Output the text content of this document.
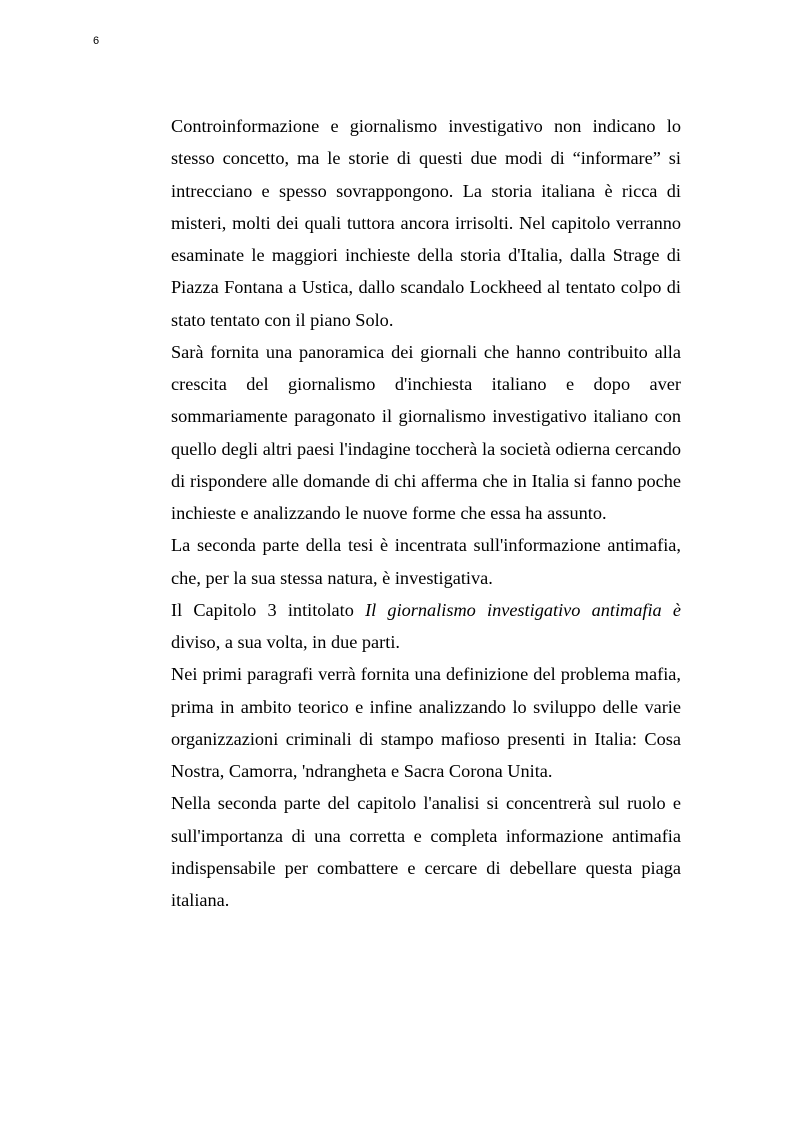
6

Controinformazione e giornalismo investigativo non indicano lo stesso concetto, ma le storie di questi due modi di “informare” si intrecciano e spesso sovrappongono. La storia italiana è ricca di misteri, molti dei quali tuttora ancora irrisolti. Nel capitolo verranno esaminate le maggiori inchieste della storia d'Italia, dalla Strage di Piazza Fontana a Ustica, dallo scandalo Lockheed al tentato colpo di stato tentato con il piano Solo.

Sarà fornita una panoramica dei giornali che hanno contribuito alla crescita del giornalismo d'inchiesta italiano e dopo aver sommariamente paragonato il giornalismo investigativo italiano con quello degli altri paesi l'indagine toccherà la società odierna cercando di rispondere alle domande di chi afferma che in Italia si fanno poche inchieste e analizzando le nuove forme che essa ha assunto.

La seconda parte della tesi è incentrata sull'informazione antimafia, che, per la sua stessa natura, è investigativa.

Il Capitolo 3 intitolato Il giornalismo investigativo antimafia è diviso, a sua volta, in due parti.

Nei primi paragrafi verrà fornita una definizione del problema mafia, prima in ambito teorico e infine analizzando lo sviluppo delle varie organizzazioni criminali di stampo mafioso presenti in Italia: Cosa Nostra, Camorra, 'ndrangheta e Sacra Corona Unita.

Nella seconda parte del capitolo l'analisi si concentrerà sul ruolo e sull'importanza di una corretta e completa informazione antimafia indispensabile per combattere e cercare di debellare questa piaga italiana.
